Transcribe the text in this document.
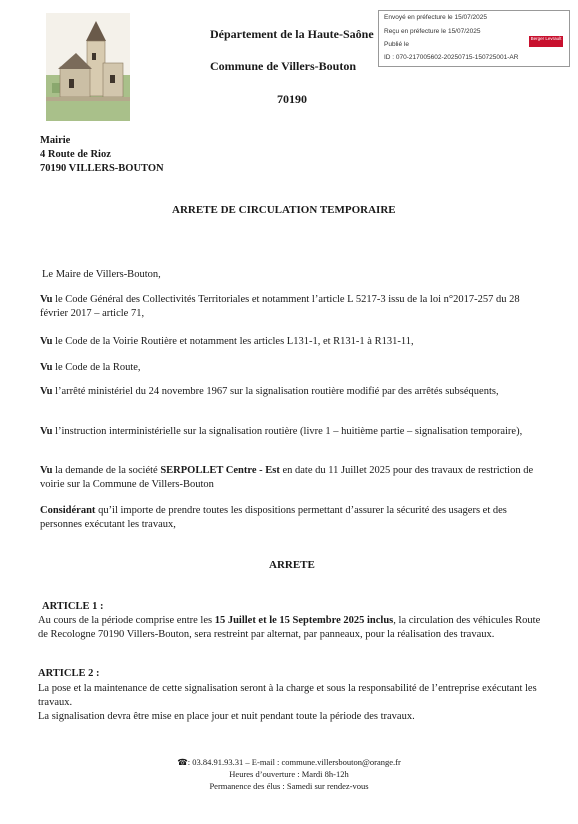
Département de la Haute-Saône
Commune de Villers-Bouton
70190
Envoyé en préfecture le 15/07/2025
Reçu en préfecture le 15/07/2025
Publié le
ID : 070-217005602-20250715-150725001-AR
Berger Levrault
Mairie
4 Route de Rioz
70190 VILLERS-BOUTON
ARRETE DE CIRCULATION TEMPORAIRE
Le Maire de Villers-Bouton,
Vu le Code Général des Collectivités Territoriales et notamment l’article L 5217-3 issu de la loi n°2017-257 du 28 février 2017 – article 71,
Vu le Code de la Voirie Routière et notamment les articles L131-1, et R131-1 à R131-11,
Vu le Code de la Route,
Vu l’arrêté ministériel du 24 novembre 1967 sur la signalisation routière modifié par des arrêtés subséquents,
Vu l’instruction interministérielle sur la signalisation routière (livre 1 – huitième partie – signalisation temporaire),
Vu la demande de la société SERPOLLET Centre - Est en date du 11 Juillet 2025 pour des travaux de restriction de voirie sur la Commune de Villers-Bouton
Considérant qu’il importe de prendre toutes les dispositions permettant d’assurer la sécurité des usagers et des personnes exécutant les travaux,
ARRETE
ARTICLE 1 :
Au cours de la période comprise entre les 15 Juillet et le 15 Septembre 2025 inclus, la circulation des véhicules Route de Recologne 70190 Villers-Bouton, sera restreint par alternat, par panneaux, pour la réalisation des travaux.
ARTICLE 2 :
La pose et la maintenance de cette signalisation seront à la charge et sous la responsabilité de l’entreprise exécutant les travaux.
La signalisation devra être mise en place jour et nuit pendant toute la période des travaux.
☎: 03.84.91.93.31 – E-mail : commune.villersbouton@orange.fr
Heures d’ouverture : Mardi 8h-12h
Permanence des élus : Samedi sur rendez-vous
